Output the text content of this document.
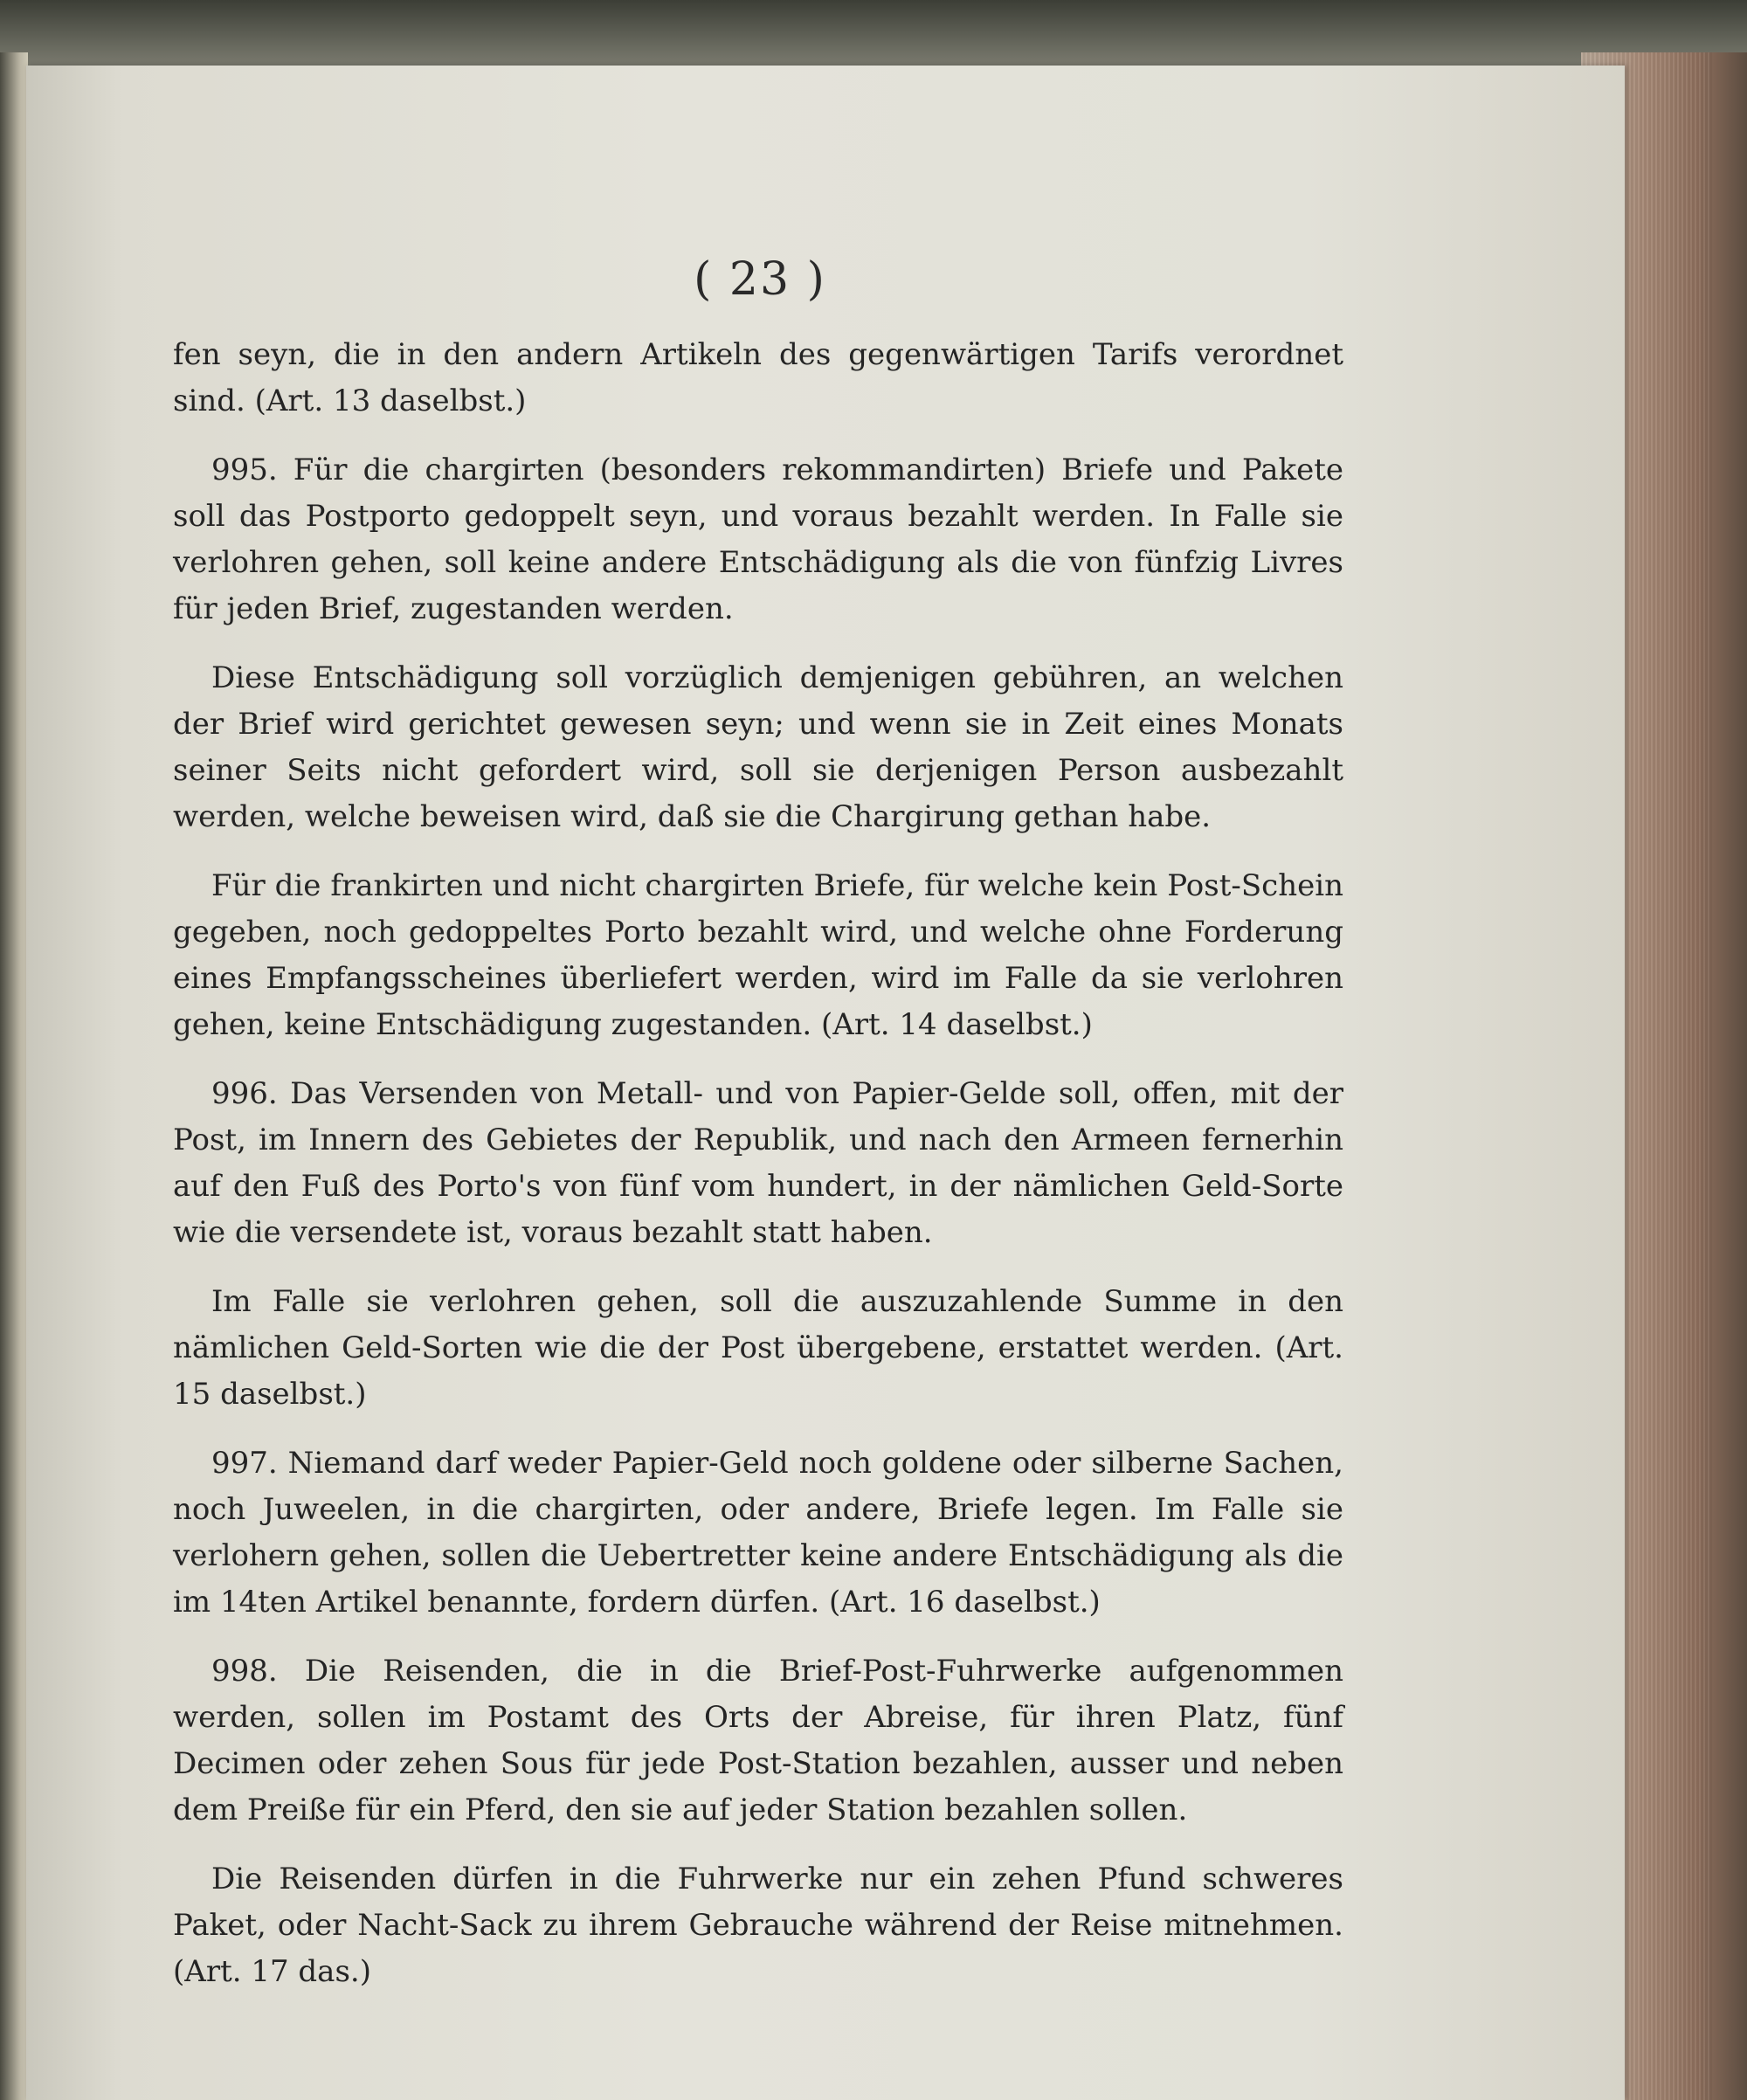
( 23 )

fen seyn, die in den andern Artikeln des gegenwärtigen Tarifs verordnet sind. (Art. 13 daselbst.)

995. Für die chargirten (besonders rekommandirten) Briefe und Pakete soll das Postporto gedoppelt seyn, und voraus bezahlt werden. In Falle sie verlohren gehen, soll keine andere Entschädigung als die von fünfzig Livres für jeden Brief, zugestanden werden.

Diese Entschädigung soll vorzüglich demjenigen gebühren, an welchen der Brief wird gerichtet gewesen seyn; und wenn sie in Zeit eines Monats seiner Seits nicht gefordert wird, soll sie derjenigen Person ausbezahlt werden, welche beweisen wird, daß sie die Chargirung gethan habe.

Für die frankirten und nicht chargirten Briefe, für welche kein Post-Schein gegeben, noch gedoppeltes Porto bezahlt wird, und welche ohne Forderung eines Empfangsscheines überliefert werden, wird im Falle da sie verlohren gehen, keine Entschädigung zugestanden. (Art. 14 daselbst.)

996. Das Versenden von Metall- und von Papier-Gelde soll, offen, mit der Post, im Innern des Gebietes der Republik, und nach den Armeen fernerhin auf den Fuß des Porto's von fünf vom hundert, in der nämlichen Geld-Sorte wie die versendete ist, voraus bezahlt statt haben.

Im Falle sie verlohren gehen, soll die auszuzahlende Summe in den nämlichen Geld-Sorten wie die der Post übergebene, erstattet werden. (Art. 15 daselbst.)

997. Niemand darf weder Papier-Geld noch goldene oder silberne Sachen, noch Juweelen, in die chargirten, oder andere, Briefe legen. Im Falle sie verlohern gehen, sollen die Uebertretter keine andere Entschädigung als die im 14ten Artikel benannte, fordern dürfen. (Art. 16 daselbst.)

998. Die Reisenden, die in die Brief-Post-Fuhrwerke aufgenommen werden, sollen im Postamt des Orts der Abreise, für ihren Platz, fünf Decimen oder zehen Sous für jede Post-Station bezahlen, ausser und neben dem Preiße für ein Pferd, den sie auf jeder Station bezahlen sollen.

Die Reisenden dürfen in die Fuhrwerke nur ein zehen Pfund schweres Paket, oder Nacht-Sack zu ihrem Gebrauche während der Reise mitnehmen. (Art. 17 das.)
